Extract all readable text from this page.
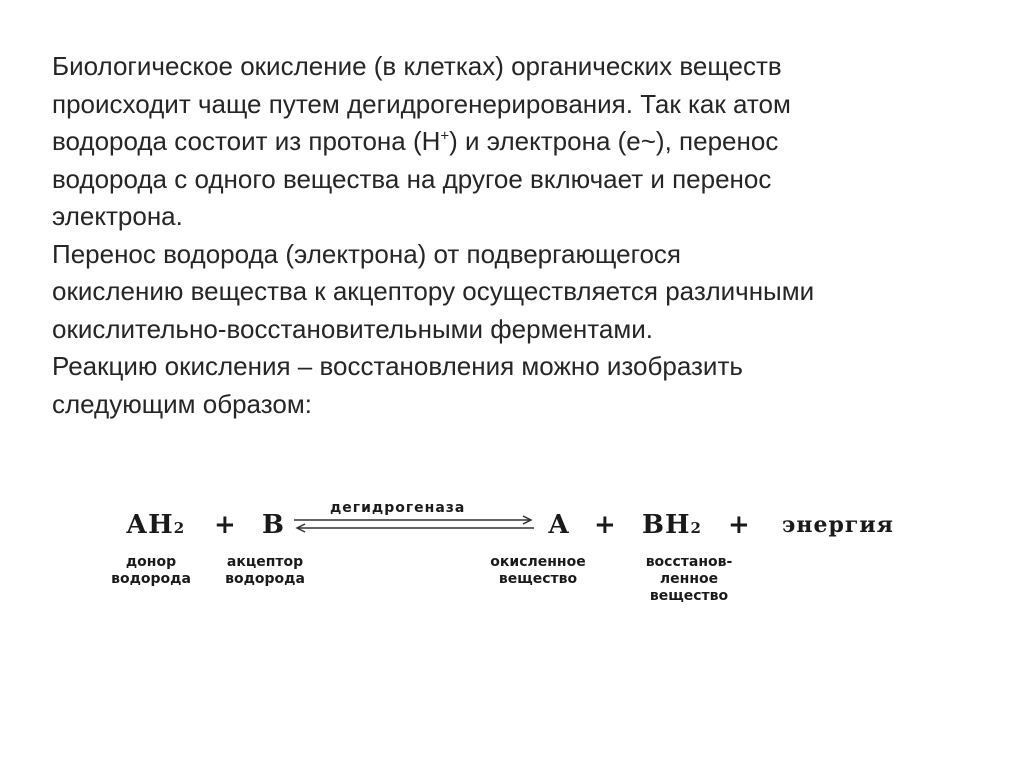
Биологическое окисление (в клетках) органических веществ
происходит чаще путем дегидрогенерирования. Так как атом
водорода состоит из протона (Н+) и электрона (е~), перенос
водорода с одного вещества на другое включает и перенос
электрона.

Перенос водорода (электрона) от подвергающегося
окислению вещества к акцептору осуществляется различными
окислительно-восстановительными ферментами.

Реакцию окисления – восстановления можно изобразить
следующим образом:

АН2 + В
дегидрогеназа
А + ВН2 + энергия
донор
водорода
акцептор
водорода
окисленное
вещество
восстанов-
ленное
вещество
